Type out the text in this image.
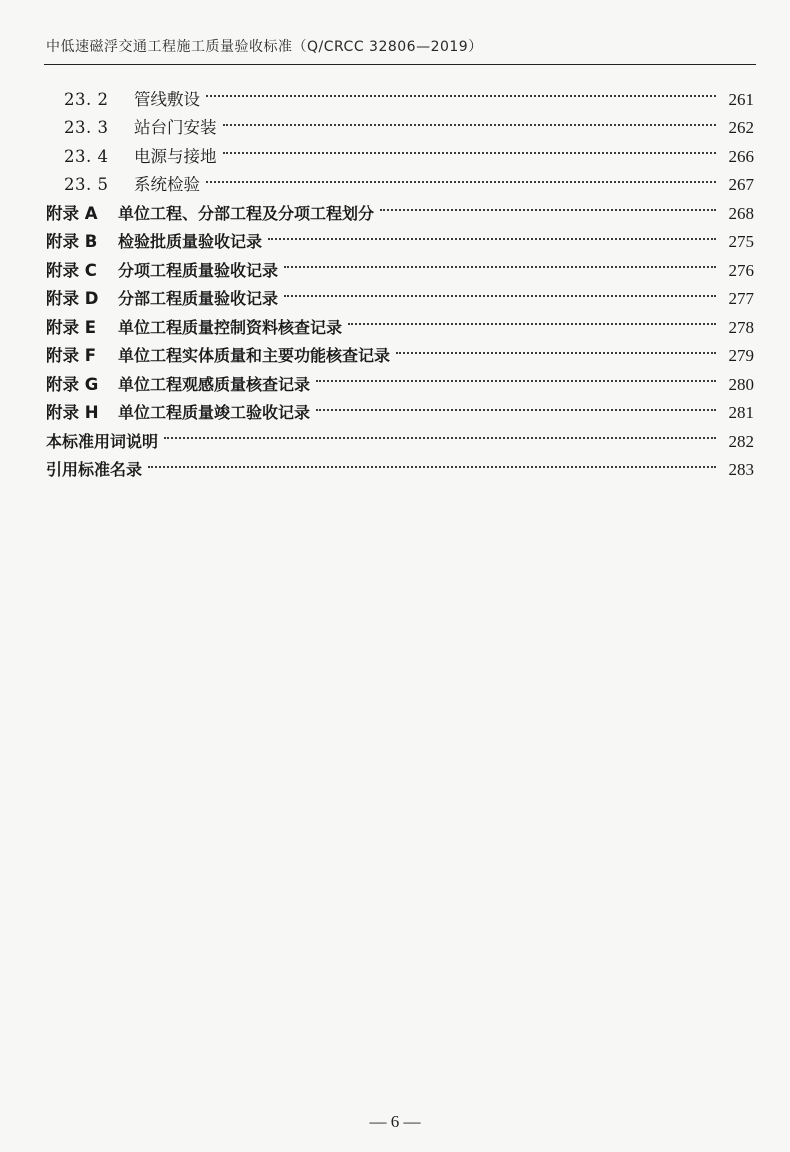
中低速磁浮交通工程施工质量验收标准（Q/CRCC 32806—2019）
23. 2	管线敷设	261
23. 3	站台门安装	262
23. 4	电源与接地	266
23. 5	系统检验	267
附录 A	单位工程、分部工程及分项工程划分	268
附录 B	检验批质量验收记录	275
附录 C	分项工程质量验收记录	276
附录 D	分部工程质量验收记录	277
附录 E	单位工程质量控制资料核查记录	278
附录 F	单位工程实体质量和主要功能核查记录	279
附录 G	单位工程观感质量核查记录	280
附录 H	单位工程质量竣工验收记录	281
本标准用词说明	282
引用标准名录	283
— 6 —
